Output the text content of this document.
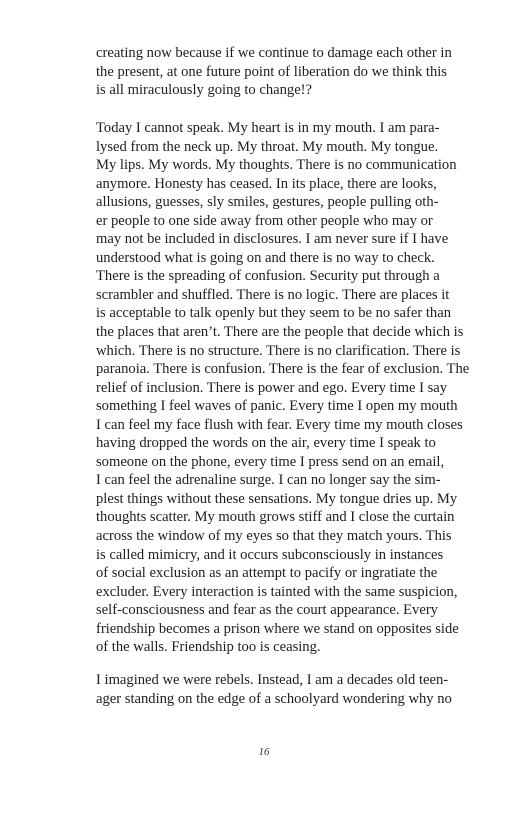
creating now because if we continue to damage each other in
the present, at one future point of liberation do we think this
is all miraculously going to change!?
Today I cannot speak. My heart is in my mouth. I am para-
lysed from the neck up. My throat. My mouth. My tongue.
My lips. My words. My thoughts. There is no communication
anymore. Honesty has ceased. In its place, there are looks,
allusions, guesses, sly smiles, gestures, people pulling oth-
er people to one side away from other people who may or
may not be included in disclosures. I am never sure if I have
understood what is going on and there is no way to check.
There is the spreading of confusion. Security put through a
scrambler and shuffled. There is no logic. There are places it
is acceptable to talk openly but they seem to be no safer than
the places that aren’t. There are the people that decide which is
which. There is no structure. There is no clarification. There is
paranoia. There is confusion. There is the fear of exclusion. The
relief of inclusion. There is power and ego. Every time I say
something I feel waves of panic. Every time I open my mouth
I can feel my face flush with fear. Every time my mouth closes
having dropped the words on the air, every time I speak to
someone on the phone, every time I press send on an email,
I can feel the adrenaline surge. I can no longer say the sim-
plest things without these sensations. My tongue dries up. My
thoughts scatter. My mouth grows stiff and I close the curtain
across the window of my eyes so that they match yours. This
is called mimicry, and it occurs subconsciously in instances
of social exclusion as an attempt to pacify or ingratiate the
excluder. Every interaction is tainted with the same suspicion,
self-consciousness and fear as the court appearance. Every
friendship becomes a prison where we stand on opposites side
of the walls. Friendship too is ceasing.
I imagined we were rebels. Instead, I am a decades old teen-
ager standing on the edge of a schoolyard wondering why no
16
